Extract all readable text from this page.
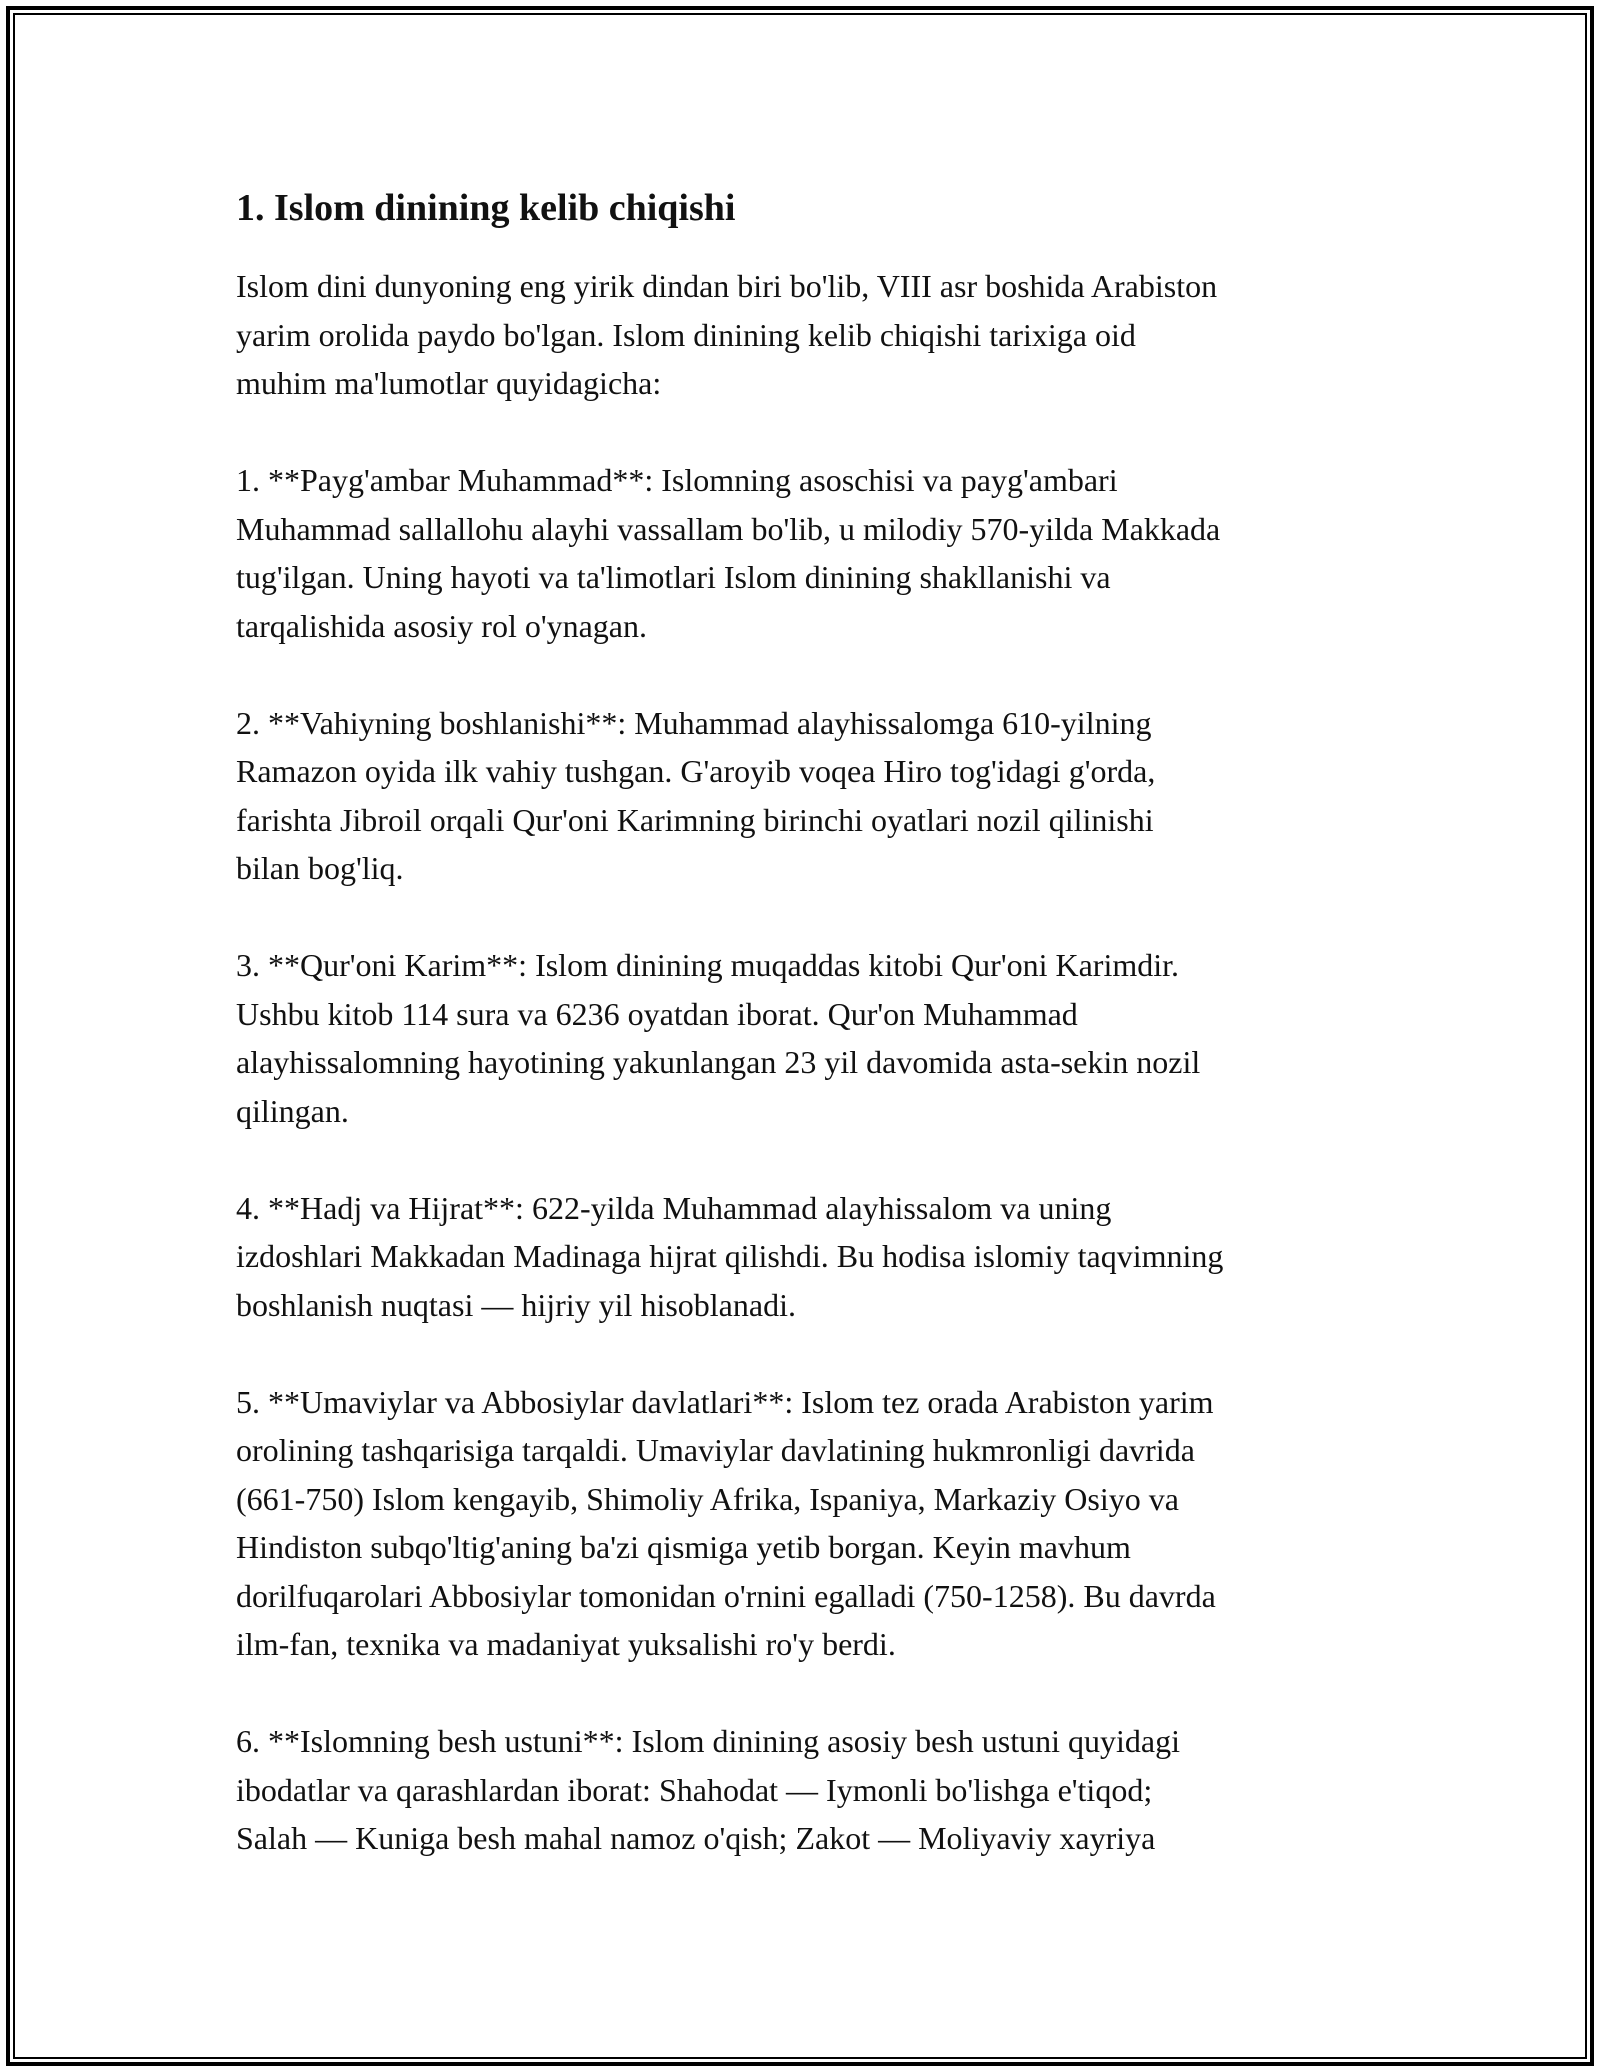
1. Islom dinining kelib chiqishi

Islom dini dunyoning eng yirik dindan biri bo'lib, VIII asr boshida Arabiston
yarim orolida paydo bo'lgan. Islom dinining kelib chiqishi tarixiga oid
muhim ma'lumotlar quyidagicha:

1. **Payg'ambar Muhammad**: Islomning asoschisi va payg'ambari
Muhammad sallallohu alayhi vassallam bo'lib, u milodiy 570-yilda Makkada
tug'ilgan. Uning hayoti va ta'limotlari Islom dinining shakllanishi va
tarqalishida asosiy rol o'ynagan.

2. **Vahiyning boshlanishi**: Muhammad alayhissalomga 610-yilning
Ramazon oyida ilk vahiy tushgan. G'aroyib voqea Hiro tog'idagi g'orda,
farishta Jibroil orqali Qur'oni Karimning birinchi oyatlari nozil qilinishi
bilan bog'liq.

3. **Qur'oni Karim**: Islom dinining muqaddas kitobi Qur'oni Karimdir.
Ushbu kitob 114 sura va 6236 oyatdan iborat. Qur'on Muhammad
alayhissalomning hayotining yakunlangan 23 yil davomida asta-sekin nozil
qilingan.

4. **Hadj va Hijrat**: 622-yilda Muhammad alayhissalom va uning
izdoshlari Makkadan Madinaga hijrat qilishdi. Bu hodisa islomiy taqvimning
boshlanish nuqtasi — hijriy yil hisoblanadi.

5. **Umaviylar va Abbosiylar davlatlari**: Islom tez orada Arabiston yarim
orolining tashqarisiga tarqaldi. Umaviylar davlatining hukmronligi davrida
(661-750) Islom kengayib, Shimoliy Afrika, Ispaniya, Markaziy Osiyo va
Hindiston subqo'ltig'aning ba'zi qismiga yetib borgan. Keyin mavhum
dorilfuqarolari Abbosiylar tomonidan o'rnini egalladi (750-1258). Bu davrda
ilm-fan, texnika va madaniyat yuksalishi ro'y berdi.

6. **Islomning besh ustuni**: Islom dinining asosiy besh ustuni quyidagi
ibodatlar va qarashlardan iborat: Shahodat — Iymonli bo'lishga e'tiqod;
Salah — Kuniga besh mahal namoz o'qish; Zakot — Moliyaviy xayriya
